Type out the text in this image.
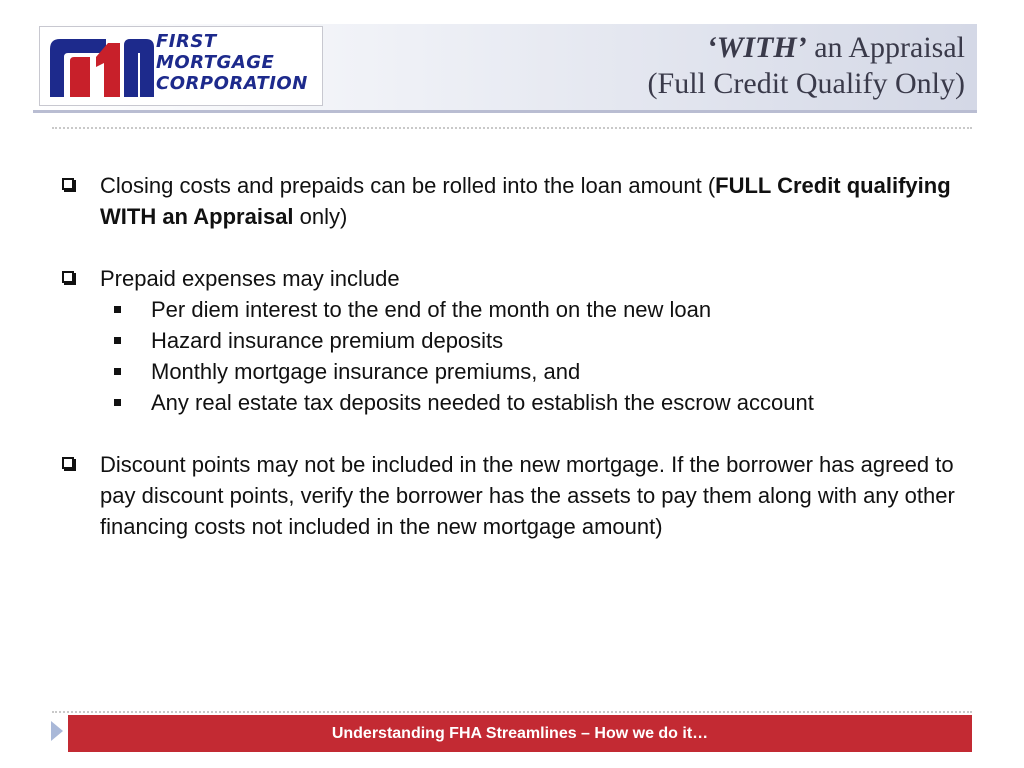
FIRST
MORTGAGE
CORPORATION
‘WITH’ an Appraisal
(Full Credit Qualify Only)

Closing costs and prepaids can be rolled into the loan amount (FULL Credit qualifying WITH an Appraisal only)

Prepaid expenses may include

Per diem interest to the end of the month on the new loan

Hazard insurance premium deposits

Monthly mortgage insurance premiums, and

Any real estate tax deposits needed to establish the escrow account

Discount points may not be included in the new mortgage. If the borrower has agreed to pay discount points, verify the borrower has the assets to pay them along with any other financing costs not included in the new mortgage amount)

Understanding FHA Streamlines – How we do it…
